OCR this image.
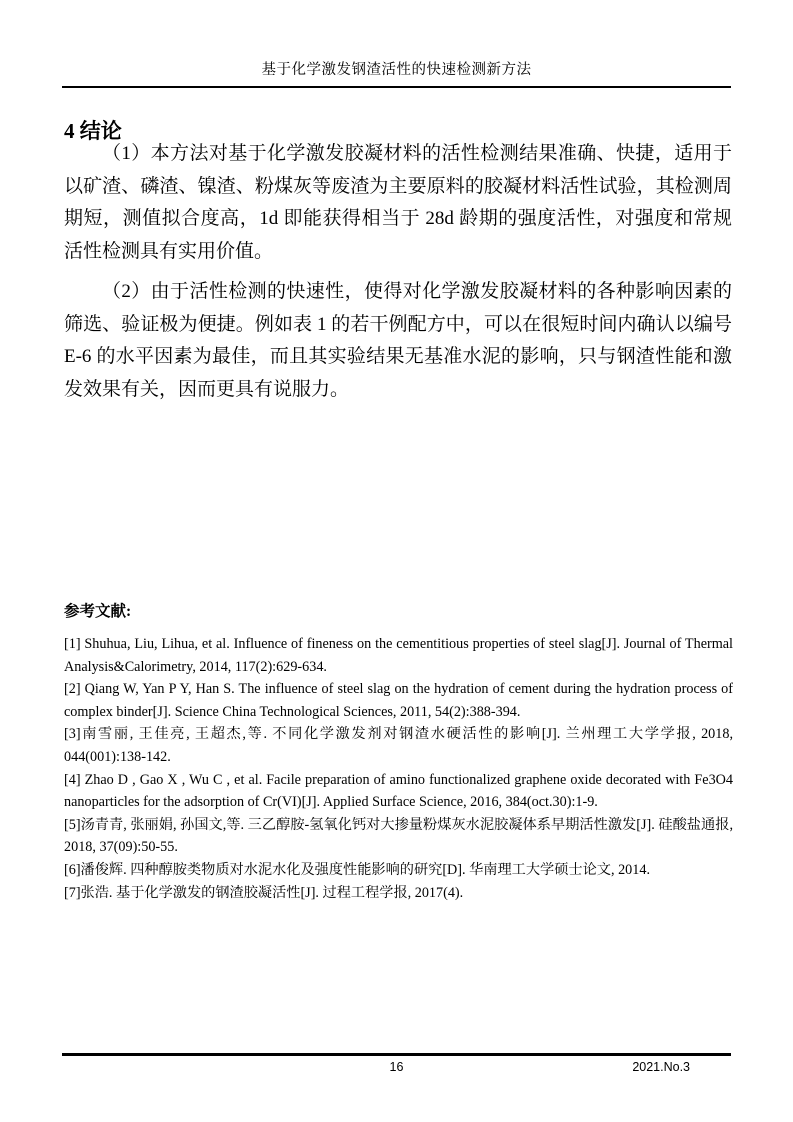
基于化学激发钢渣活性的快速检测新方法
4 结论

（1）本方法对基于化学激发胶凝材料的活性检测结果准确、快捷，适用于以矿渣、磷渣、镍渣、粉煤灰等废渣为主要原料的胶凝材料活性试验，其检测周期短，测值拟合度高，1d 即能获得相当于 28d 龄期的强度活性，对强度和常规活性检测具有实用价值。

（2）由于活性检测的快速性，使得对化学激发胶凝材料的各种影响因素的筛选、验证极为便捷。例如表 1 的若干例配方中，可以在很短时间内确认以编号 E-6 的水平因素为最佳，而且其实验结果无基准水泥的影响，只与钢渣性能和激发效果有关，因而更具有说服力。

参考文献:

[1] Shuhua, Liu, Lihua, et al. Influence of fineness on the cementitious properties of steel slag[J]. Journal of Thermal Analysis&Calorimetry, 2014, 117(2):629-634.

[2] Qiang W, Yan P Y, Han S. The influence of steel slag on the hydration of cement during the hydration process of complex binder[J]. Science China Technological Sciences, 2011, 54(2):388-394.

[3]南雪丽, 王佳亮, 王超杰,等. 不同化学激发剂对钢渣水硬活性的影响[J]. 兰州理工大学学报, 2018, 044(001):138-142.

[4] Zhao D , Gao X , Wu C , et al. Facile preparation of amino functionalized graphene oxide decorated with Fe3O4 nanoparticles for the adsorption of Cr(VI)[J]. Applied Surface Science, 2016, 384(oct.30):1-9.

[5]汤青青, 张丽娟, 孙国文,等. 三乙醇胺-氢氧化钙对大掺量粉煤灰水泥胶凝体系早期活性激发[J]. 硅酸盐通报, 2018, 37(09):50-55.

[6]潘俊辉. 四种醇胺类物质对水泥水化及强度性能影响的研究[D]. 华南理工大学硕士论文, 2014.

[7]张浩. 基于化学激发的钢渣胶凝活性[J]. 过程工程学报, 2017(4).

16	2021.No.3
